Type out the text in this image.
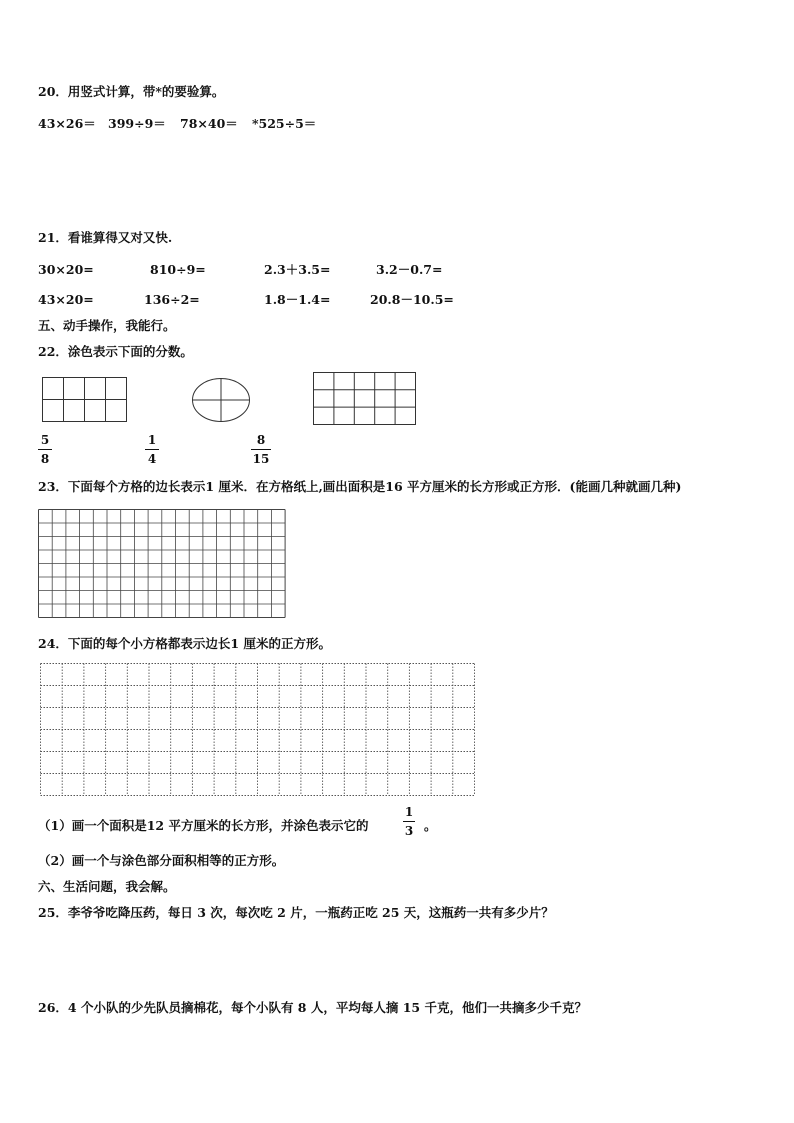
20．用竖式计算，带*的要验算。
43×26＝ 399÷9＝ 78×40＝ *525÷5＝
21．看谁算得又对又快.
30×20=	810÷9=	2.3＋3.5=	3.2－0.7=
43×20=	136÷2=	1.8－1.4=	20.8－10.5=
五、动手操作，我能行。
22．涂色表示下面的分数。
5
8
1
4
8
15
23．下面每个方格的边长表示1 厘米．在方格纸上,画出面积是16 平方厘米的长方形或正方形．(能画几种就画几种)
24．下面的每个小方格都表示边长1 厘米的正方形。
（1）画一个面积是12 平方厘米的长方形，并涂色表示它的
1
3 。
（2）画一个与涂色部分面积相等的正方形。
六、生活问题，我会解。
25．李爷爷吃降压药，每日 3 次，每次吃 2 片，一瓶药正吃 25 天，这瓶药一共有多少片？
26．4 个小队的少先队员摘棉花，每个小队有 8 人，平均每人摘 15 千克，他们一共摘多少千克？
